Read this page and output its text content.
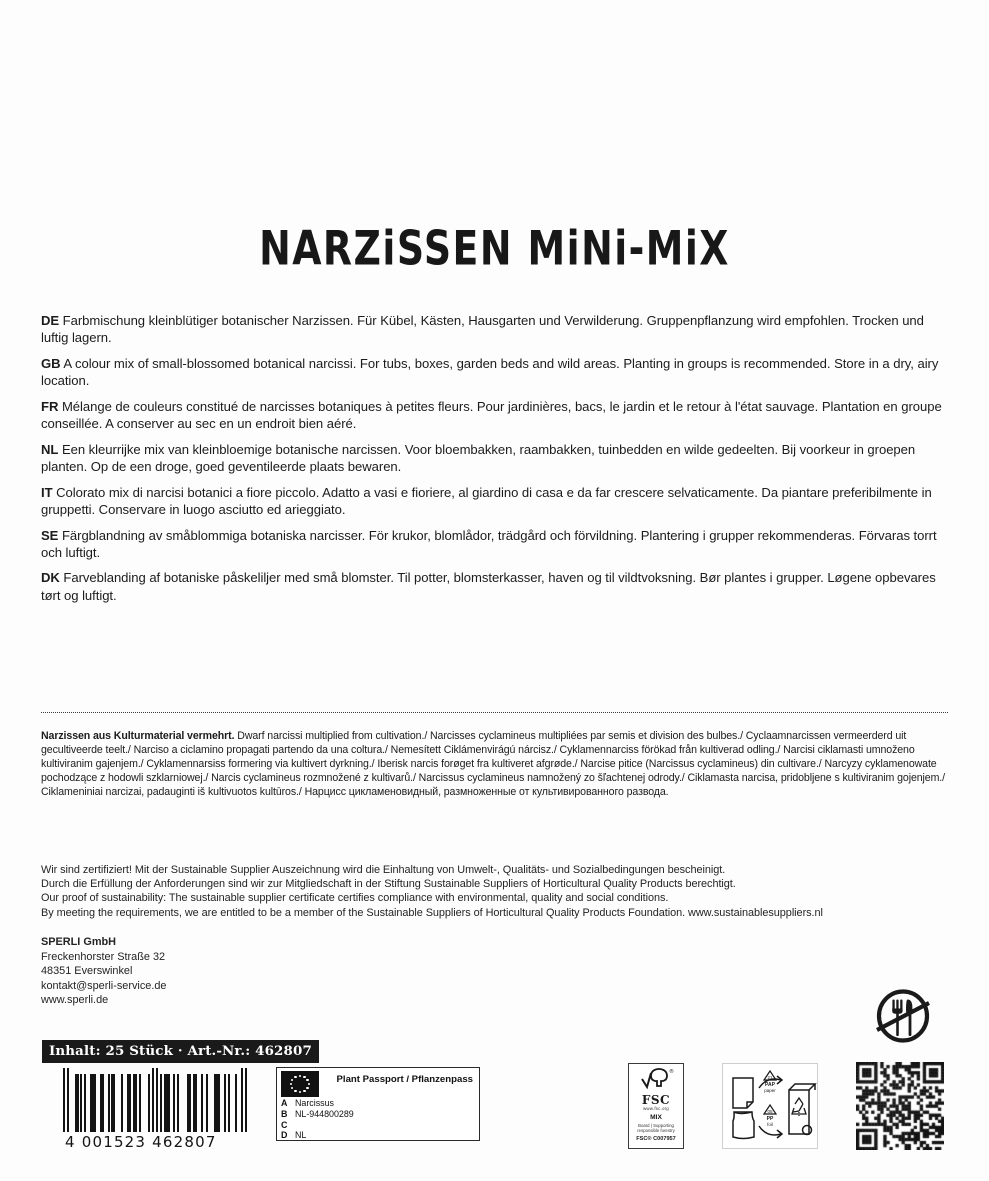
NARZiSSEN MiNi-MiX
DE Farbmischung kleinblütiger botanischer Narzissen. Für Kübel, Kästen, Hausgarten und Verwilderung. Gruppenpflanzung wird empfohlen. Trocken und luftig lagern.
GB A colour mix of small-blossomed botanical narcissi. For tubs, boxes, garden beds and wild areas. Planting in groups is recommended. Store in a dry, airy location.
FR Mélange de couleurs constitué de narcisses botaniques à petites fleurs. Pour jardinières, bacs, le jardin et le retour à l'état sauvage. Plantation en groupe conseillée. A conserver au sec en un endroit bien aéré.
NL Een kleurrijke mix van kleinbloemige botanische narcissen. Voor bloembakken, raambakken, tuinbedden en wilde gedeelten. Bij voorkeur in groepen planten. Op de een droge, goed geventileerde plaats bewaren.
IT Colorato mix di narcisi botanici a fiore piccolo. Adatto a vasi e fioriere, al giardino di casa e da far crescere selvaticamente. Da piantare preferibilmente in gruppetti. Conservare in luogo asciutto ed arieggiato.
SE Färgblandning av småblommiga botaniska narcisser. För krukor, blomlådor, trädgård och förvildning. Plantering i grupper rekommenderas. Förvaras torrt och luftigt.
DK Farveblanding af botaniske påskeliljer med små blomster. Til potter, blomsterkasser, haven og til vildtvoksning. Bør plantes i grupper. Løgene opbevares tørt og luftigt.
Narzissen aus Kulturmaterial vermehrt. Dwarf narcissi multiplied from cultivation./ Narcisses cyclamineus multipliées par semis et division des bulbes./ Cyclaamnarcissen vermeerderd uit gecultiveerde teelt./ Narciso a ciclamino propagati partendo da una coltura./ Nemesített Ciklámenvirágú nárcisz./ Cyklamennarciss förökad från kultiverad odling./ Narcisi ciklamasti umnoženo kultiviranim gajenjem./ Cyklamennarsiss formering via kultivert dyrkning./ Iberisk narcis forøget fra kultiveret afgrøde./ Narcise pitice (Narcissus cyclamineus) din cultivare./ Narcyzy cyklamenowate pochodzące z hodowli szklarniowej./ Narcis cyclamineus rozmnožené z kultivarů./ Narcissus cyclamineus namnožený zo šľachtenej odrody./ Ciklamasta narcisa, pridobljene s kultiviranim gojenjem./ Ciklameniniai narcizai, padauginti iš kultivuotos kultūros./ Нарцисс цикламеновидный, размноженные от культивированного развода.
Wir sind zertifiziert! Mit der Sustainable Supplier Auszeichnung wird die Einhaltung von Umwelt-, Qualitäts- und Sozialbedingungen bescheinigt.
Durch die Erfüllung der Anforderungen sind wir zur Mitgliedschaft in der Stiftung Sustainable Suppliers of Horticultural Quality Products berechtigt.
Our proof of sustainability: The sustainable supplier certificate certifies compliance with environmental, quality and social conditions.
By meeting the requirements, we are entitled to be a member of the Sustainable Suppliers of Horticultural Quality Products Foundation. www.sustainablesuppliers.nl
SPERLI GmbH
Freckenhorster Straße 32
48351 Everswinkel
kontakt@sperli-service.de
www.sperli.de
Inhalt: 25 Stück · Art.-Nr.: 462807
4 001523 462807
Plant Passport / Pflanzenpass
A Narcissus
B NL-944800289
C
D NL
®
FSC
www.fsc.org
MIX
Board | Supporting responsible forestry
FSC® C007957
21
PAP
paper
05
PP
foil
